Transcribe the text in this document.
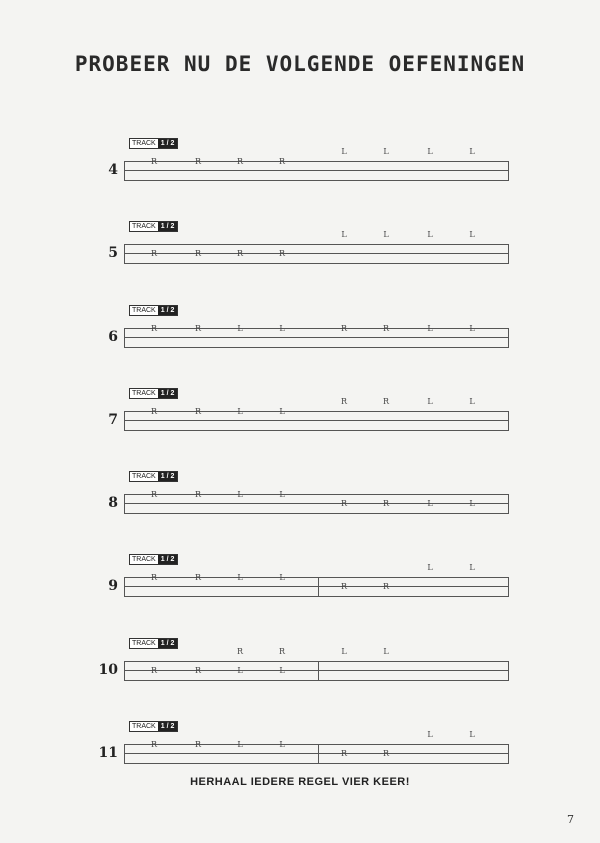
PROBEER NU DE VOLGENDE OEFENINGEN
TRACK 1 / 2
4
R	R	R	R
L	L	L	L
TRACK 1 / 2
5
L	L	L	L
R	R	R	R
TRACK 1 / 2
6
R	R	L	L	R	R	L	L
TRACK 1 / 2
7
R	R	L	L
R	R	L	L
TRACK 1 / 2
8
R	R	L	L
R	R	L	L
TRACK 1 / 2
9
R	R	L	L
L	L
R	R
TRACK 1 / 2
10
R	R	L	L
R	R	L	L
TRACK 1 / 2
11
R	R	L	L
L	L
R	R
HERHAAL IEDERE REGEL VIER KEER!
7
